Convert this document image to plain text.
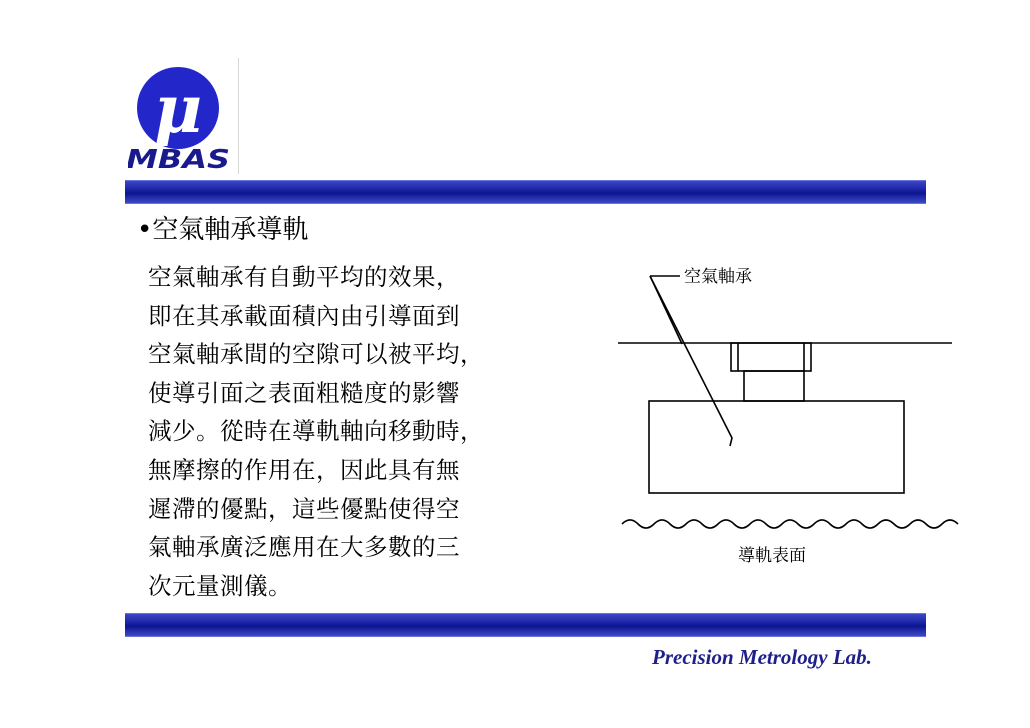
μ
MBAS
•空氣軸承導軌
空氣軸承有自動平均的效果，
即在其承載面積內由引導面到
空氣軸承間的空隙可以被平均，
使導引面之表面粗糙度的影響
減少。從時在導軌軸向移動時，
無摩擦的作用在，因此具有無
遲滯的優點，這些優點使得空
氣軸承廣泛應用在大多數的三
次元量測儀。
空氣軸承
導軌表面
Precision Metrology Lab.
